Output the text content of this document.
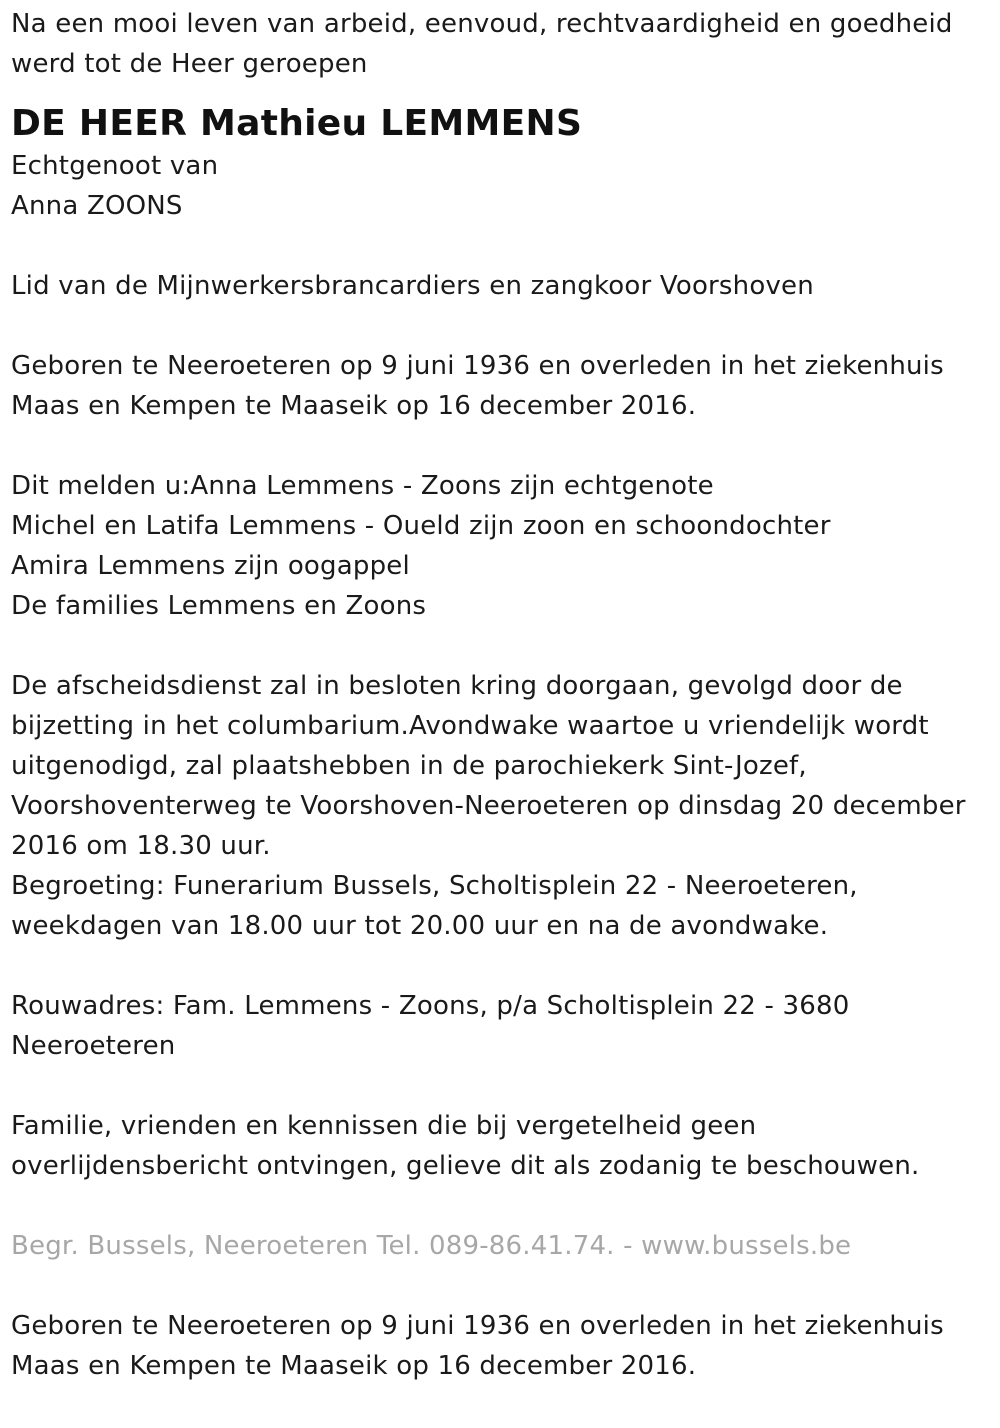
Na een mooi leven van arbeid, eenvoud, rechtvaardigheid en goedheid
werd tot de Heer geroepen
DE HEER Mathieu LEMMENS
Echtgenoot van
Anna ZOONS
Lid van de Mijnwerkersbrancardiers en zangkoor Voorshoven
Geboren te Neeroeteren op 9 juni 1936 en overleden in het ziekenhuis
Maas en Kempen te Maaseik op 16 december 2016.
Dit melden u:Anna Lemmens - Zoons zijn echtgenote
Michel en Latifa Lemmens - Oueld zijn zoon en schoondochter
Amira Lemmens zijn oogappel
De families Lemmens en Zoons
De afscheidsdienst zal in besloten kring doorgaan, gevolgd door de
bijzetting in het columbarium.Avondwake waartoe u vriendelijk wordt
uitgenodigd, zal plaatshebben in de parochiekerk Sint-Jozef,
Voorshoventerweg te Voorshoven-Neeroeteren op dinsdag 20 december
2016 om 18.30 uur.
Begroeting: Funerarium Bussels, Scholtisplein 22 - Neeroeteren,
weekdagen van 18.00 uur tot 20.00 uur en na de avondwake.
Rouwadres: Fam. Lemmens - Zoons, p/a Scholtisplein 22 - 3680
Neeroeteren
Familie, vrienden en kennissen die bij vergetelheid geen
overlijdensbericht ontvingen, gelieve dit als zodanig te beschouwen.
Begr. Bussels, Neeroeteren Tel. 089-86.41.74. - www.bussels.be
Geboren te Neeroeteren op 9 juni 1936 en overleden in het ziekenhuis
Maas en Kempen te Maaseik op 16 december 2016.
